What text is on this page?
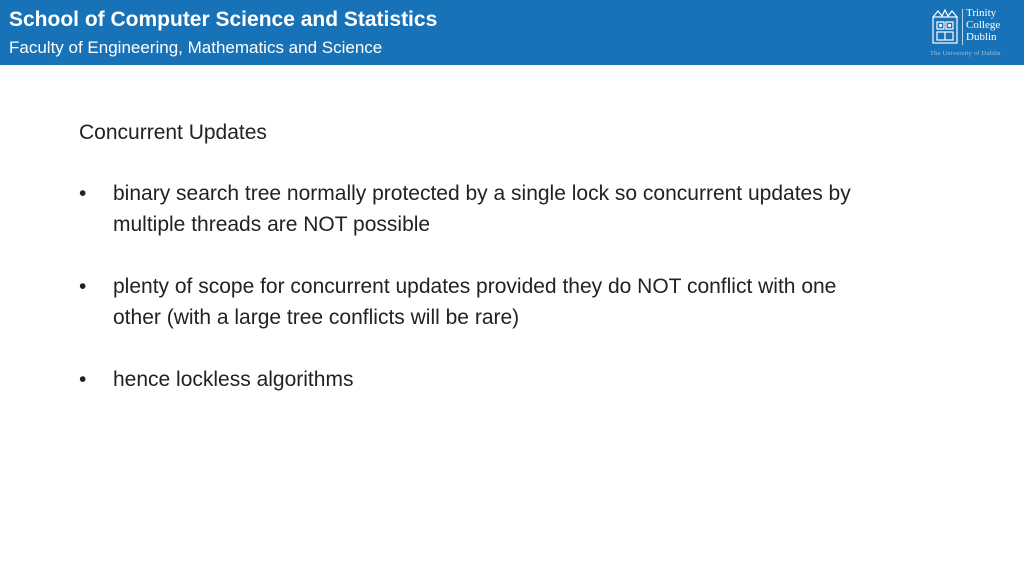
School of Computer Science and Statistics
Faculty of Engineering, Mathematics and Science
Trinity
College
Dublin
The University of Dublin
Concurrent Updates
• binary search tree normally protected by a single lock so concurrent updates by multiple threads are NOT possible
• plenty of scope for concurrent updates provided they do NOT conflict with one other (with a large tree conflicts will be rare)
• hence lockless algorithms
